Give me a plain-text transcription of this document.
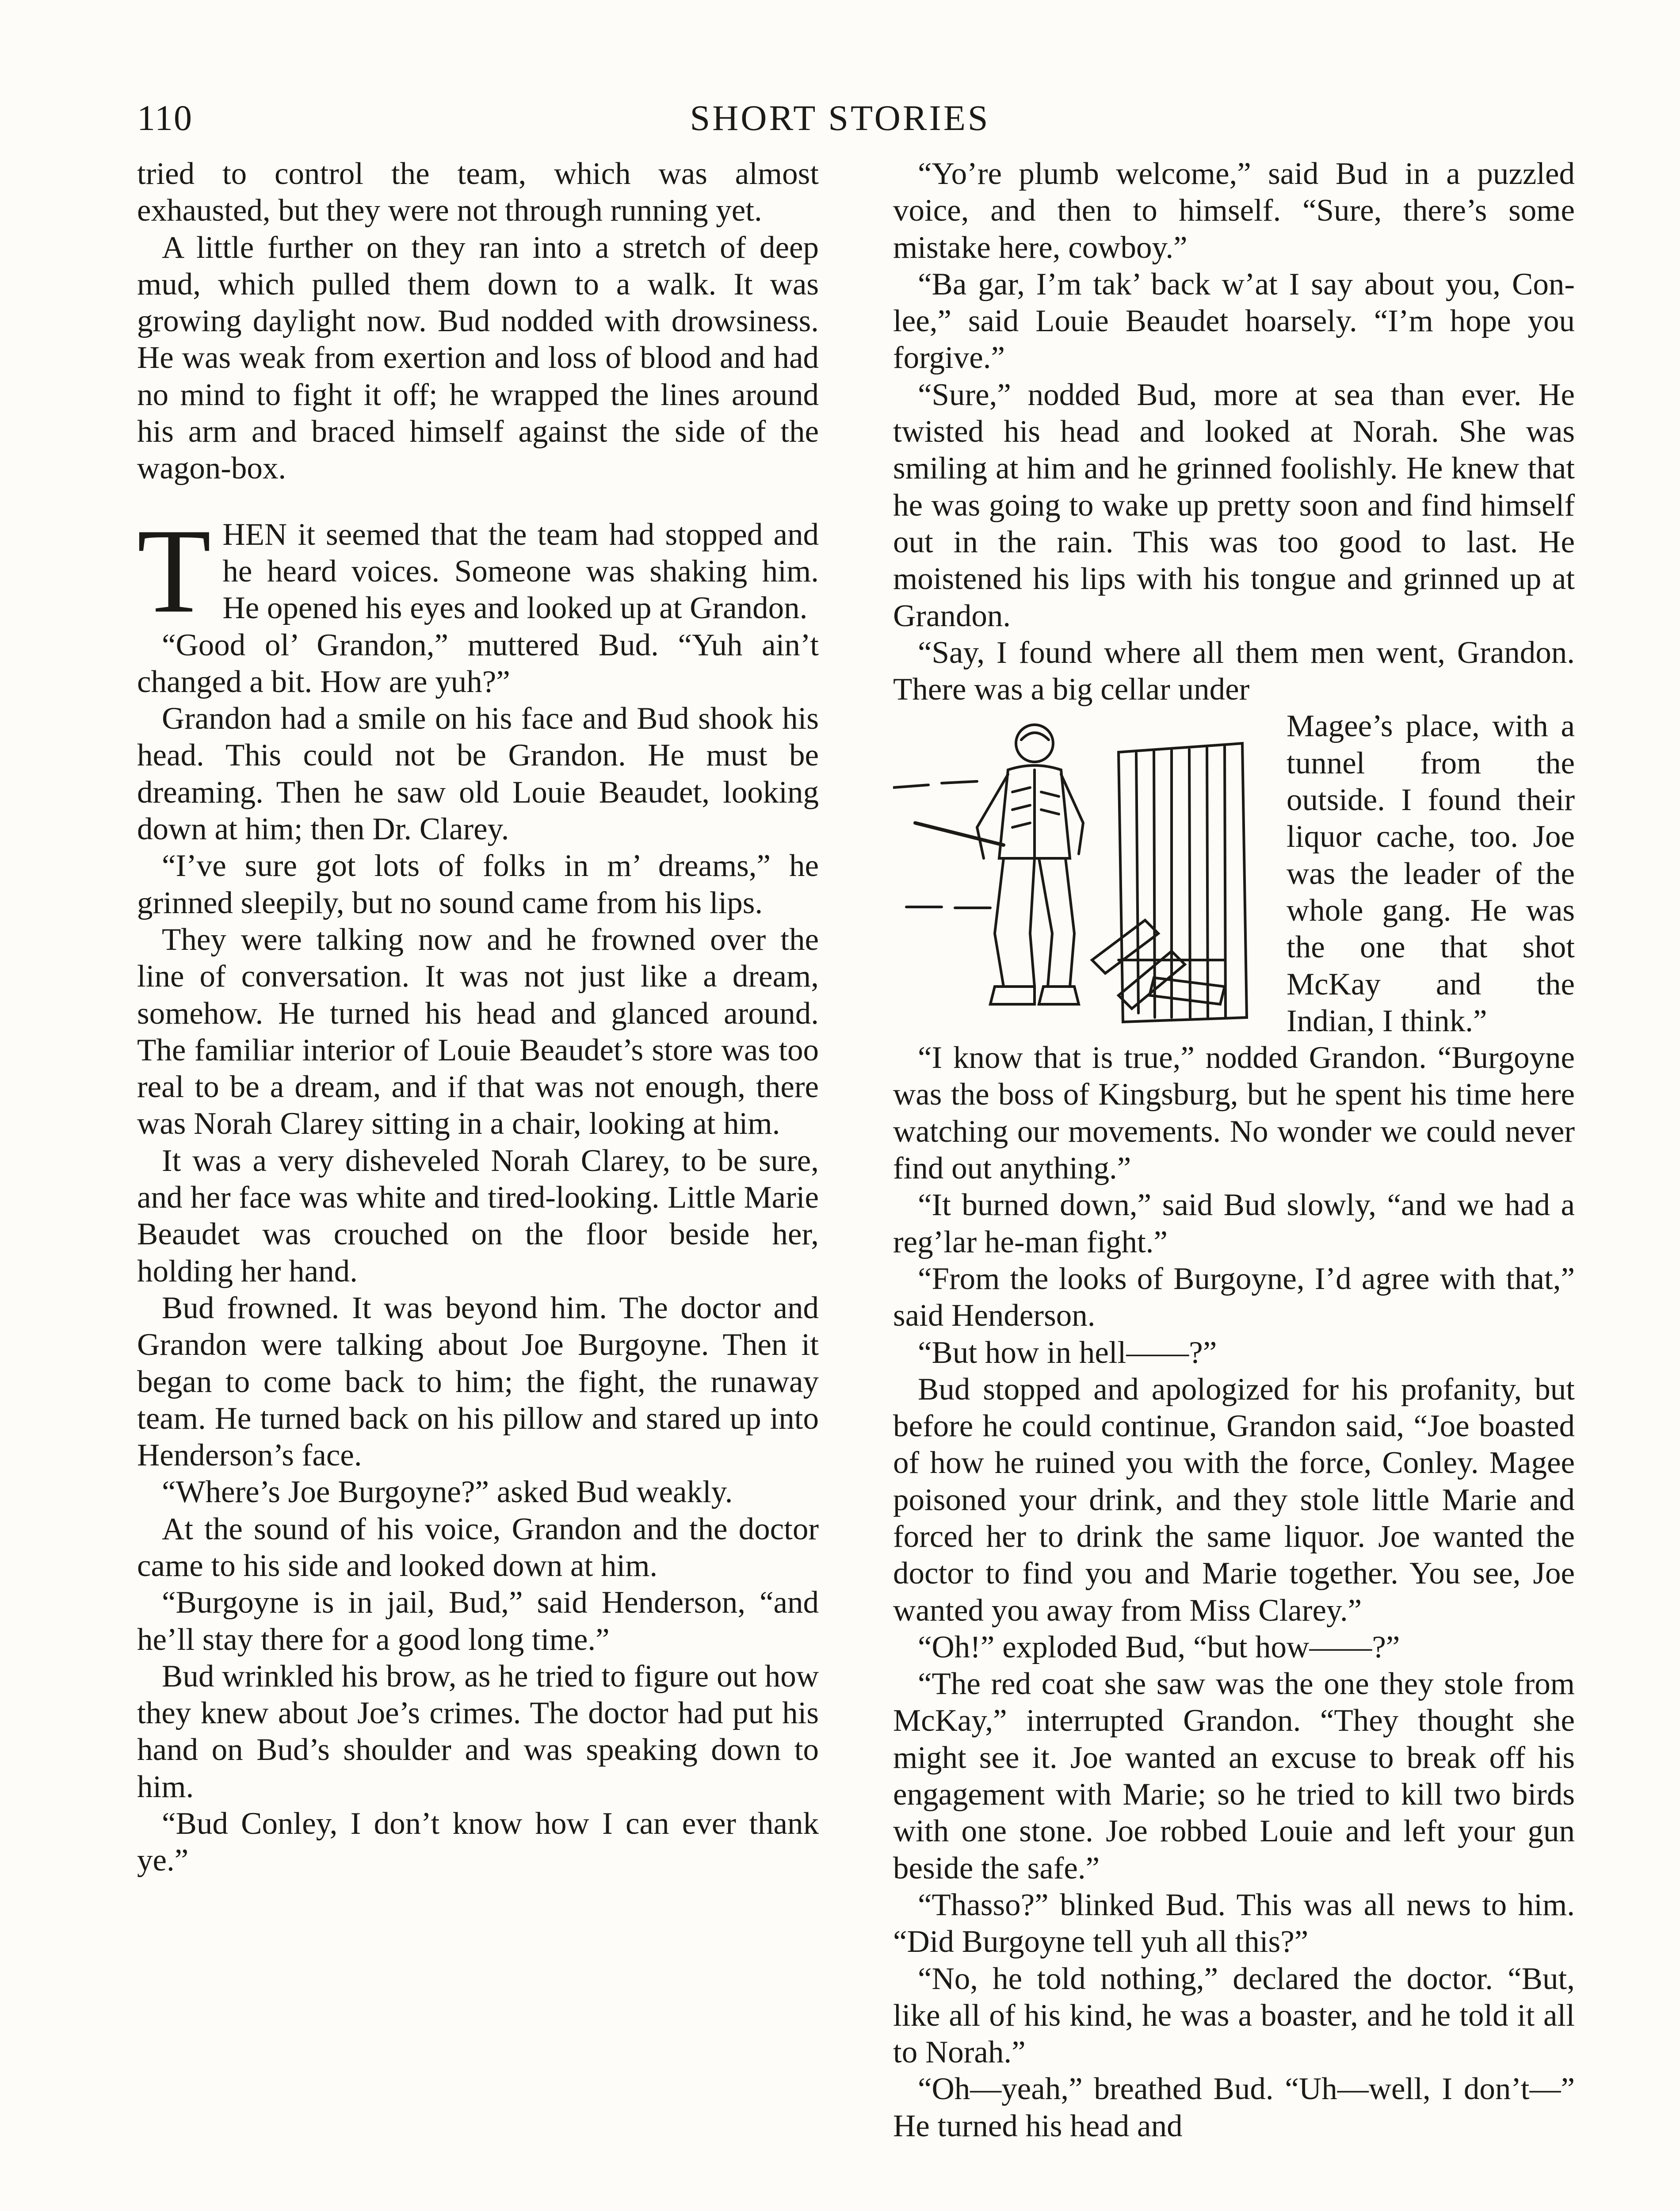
110	SHORT STORIES

tried to control the team, which was almost exhausted, but they were not through running yet.

A little further on they ran into a stretch of deep mud, which pulled them down to a walk. It was growing daylight now. Bud nodded with drowsiness. He was weak from exertion and loss of blood and had no mind to fight it off; he wrapped the lines around his arm and braced himself against the side of the wagon-box.

THEN it seemed that the team had stopped and he heard voices. Someone was shaking him. He opened his eyes and looked up at Grandon.

“Good ol’ Grandon,” muttered Bud. “Yuh ain’t changed a bit. How are yuh?”

Grandon had a smile on his face and Bud shook his head. This could not be Grandon. He must be dreaming. Then he saw old Louie Beaudet, looking down at him; then Dr. Clarey.

“I’ve sure got lots of folks in m’ dreams,” he grinned sleepily, but no sound came from his lips.

They were talking now and he frowned over the line of conversation. It was not just like a dream, somehow. He turned his head and glanced around. The familiar interior of Louie Beaudet’s store was too real to be a dream, and if that was not enough, there was Norah Clarey sitting in a chair, looking at him.

It was a very disheveled Norah Clarey, to be sure, and her face was white and tired-looking. Little Marie Beaudet was crouched on the floor beside her, holding her hand.

Bud frowned. It was beyond him. The doctor and Grandon were talking about Joe Burgoyne. Then it began to come back to him; the fight, the runaway team. He turned back on his pillow and stared up into Henderson’s face.

“Where’s Joe Burgoyne?” asked Bud weakly.

At the sound of his voice, Grandon and the doctor came to his side and looked down at him.

“Burgoyne is in jail, Bud,” said Henderson, “and he’ll stay there for a good long time.”

Bud wrinkled his brow, as he tried to figure out how they knew about Joe’s crimes. The doctor had put his hand on Bud’s shoulder and was speaking down to him.

“Bud Conley, I don’t know how I can ever thank ye.”

“Yo’re plumb welcome,” said Bud in a puzzled voice, and then to himself. “Sure, there’s some mistake here, cowboy.”

“Ba gar, I’m tak’ back w’at I say about you, Con-lee,” said Louie Beaudet hoarsely. “I’m hope you forgive.”

“Sure,” nodded Bud, more at sea than ever. He twisted his head and looked at Norah. She was smiling at him and he grinned foolishly. He knew that he was going to wake up pretty soon and find himself out in the rain. This was too good to last. He moistened his lips with his tongue and grinned up at Grandon.

“Say, I found where all them men went, Grandon. There was a big cellar under

Magee’s place, with a tunnel from the outside. I found their liquor cache, too. Joe was the leader of the whole gang. He was the one that shot McKay and the Indian, I think.”

“I know that is true,” nodded Grandon. “Burgoyne was the boss of Kingsburg, but he spent his time here watching our movements. No wonder we could never find out anything.”

“It burned down,” said Bud slowly, “and we had a reg’lar he-man fight.”

“From the looks of Burgoyne, I’d agree with that,” said Henderson.

“But how in hell——?”

Bud stopped and apologized for his profanity, but before he could continue, Grandon said, “Joe boasted of how he ruined you with the force, Conley. Magee poisoned your drink, and they stole little Marie and forced her to drink the same liquor. Joe wanted the doctor to find you and Marie together. You see, Joe wanted you away from Miss Clarey.”

“Oh!” exploded Bud, “but how——?”

“The red coat she saw was the one they stole from McKay,” interrupted Grandon. “They thought she might see it. Joe wanted an excuse to break off his engagement with Marie; so he tried to kill two birds with one stone. Joe robbed Louie and left your gun beside the safe.”

“Thasso?” blinked Bud. This was all news to him. “Did Burgoyne tell yuh all this?”

“No, he told nothing,” declared the doctor. “But, like all of his kind, he was a boaster, and he told it all to Norah.”

“Oh—yeah,” breathed Bud. “Uh—well, I don’t—” He turned his head and
